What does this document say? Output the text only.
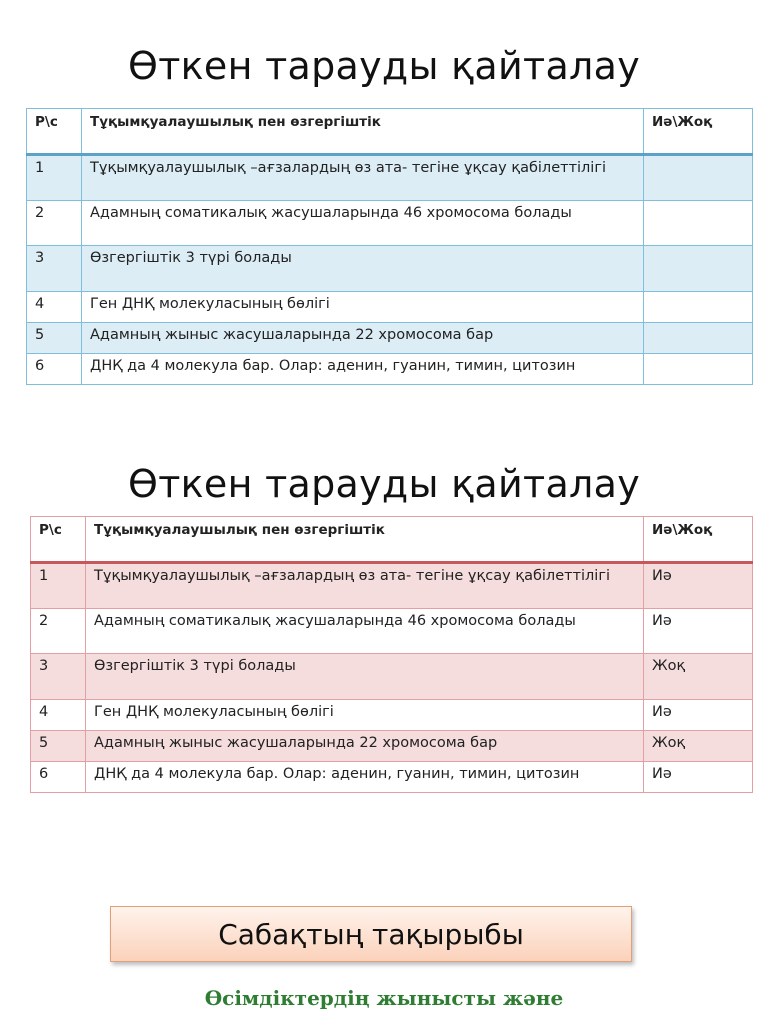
Өткен тарауды қайталау
Р\с	Тұқымқуалаушылық пен өзгергіштік	Иә\Жоқ
1	Тұқымқуалаушылық –ағзалардың өз ата- тегіне ұқсау қабілеттілігі	
2	Адамның соматикалық жасушаларында 46 хромосома болады	
3	Өзгергіштік 3 түрі болады	
4	Ген ДНҚ молекуласының бөлігі	
5	Адамның жыныс жасушаларында 22 хромосома бар	
6	ДНҚ да 4 молекула бар. Олар: аденин, гуанин, тимин, цитозин	
Өткен тарауды қайталау
Р\с	Тұқымқуалаушылық пен өзгергіштік	Иә\Жоқ
1	Тұқымқуалаушылық –ағзалардың өз ата- тегіне ұқсау қабілеттілігі	Иә
2	Адамның соматикалық жасушаларында 46 хромосома болады	Иә
3	Өзгергіштік 3 түрі болады	Жоқ
4	Ген ДНҚ молекуласының бөлігі	Иә
5	Адамның жыныс жасушаларында 22 хромосома бар	Жоқ
6	ДНҚ да 4 молекула бар. Олар: аденин, гуанин, тимин, цитозин	Иә
Сабақтың тақырыбы
Өсімдіктердің жынысты және
